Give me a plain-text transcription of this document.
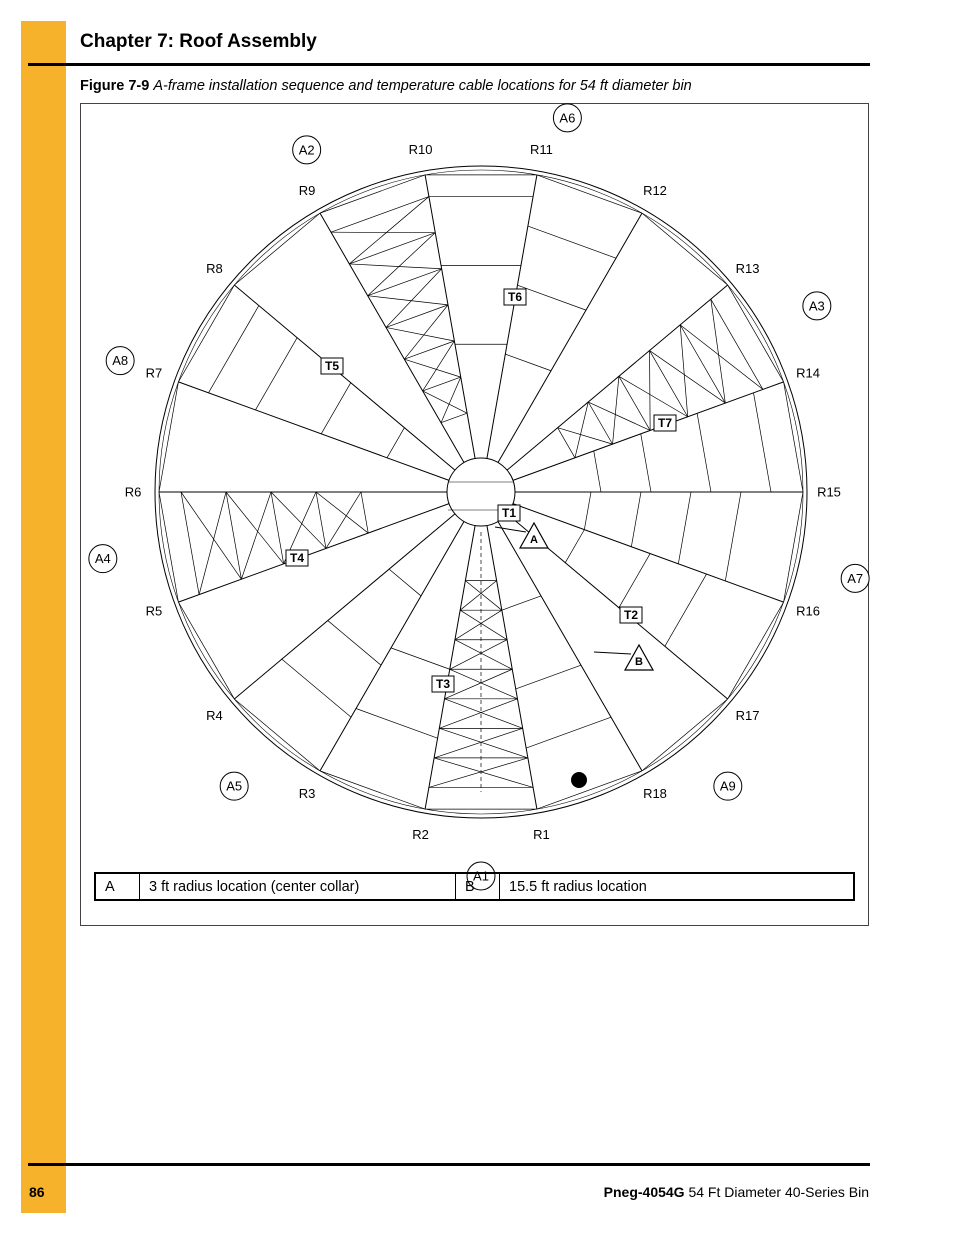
Chapter 7: Roof Assembly
Figure 7-9 A-frame installation sequence and temperature cable locations for 54 ft diameter bin
R1
R2
R3
R4
R5
R6
R7
R8
R9
R10	R11
R12
R13
R14
R15
R16
R17
R18
A1
A2
A3
A4
A5
A6
A7
A8
A9
T1
T2
T3
T4
T5
T6
T7
A
B
A	3 ft radius location (center collar)	B	15.5 ft radius location
86	Pneg-4054G 54 Ft Diameter 40-Series Bin
